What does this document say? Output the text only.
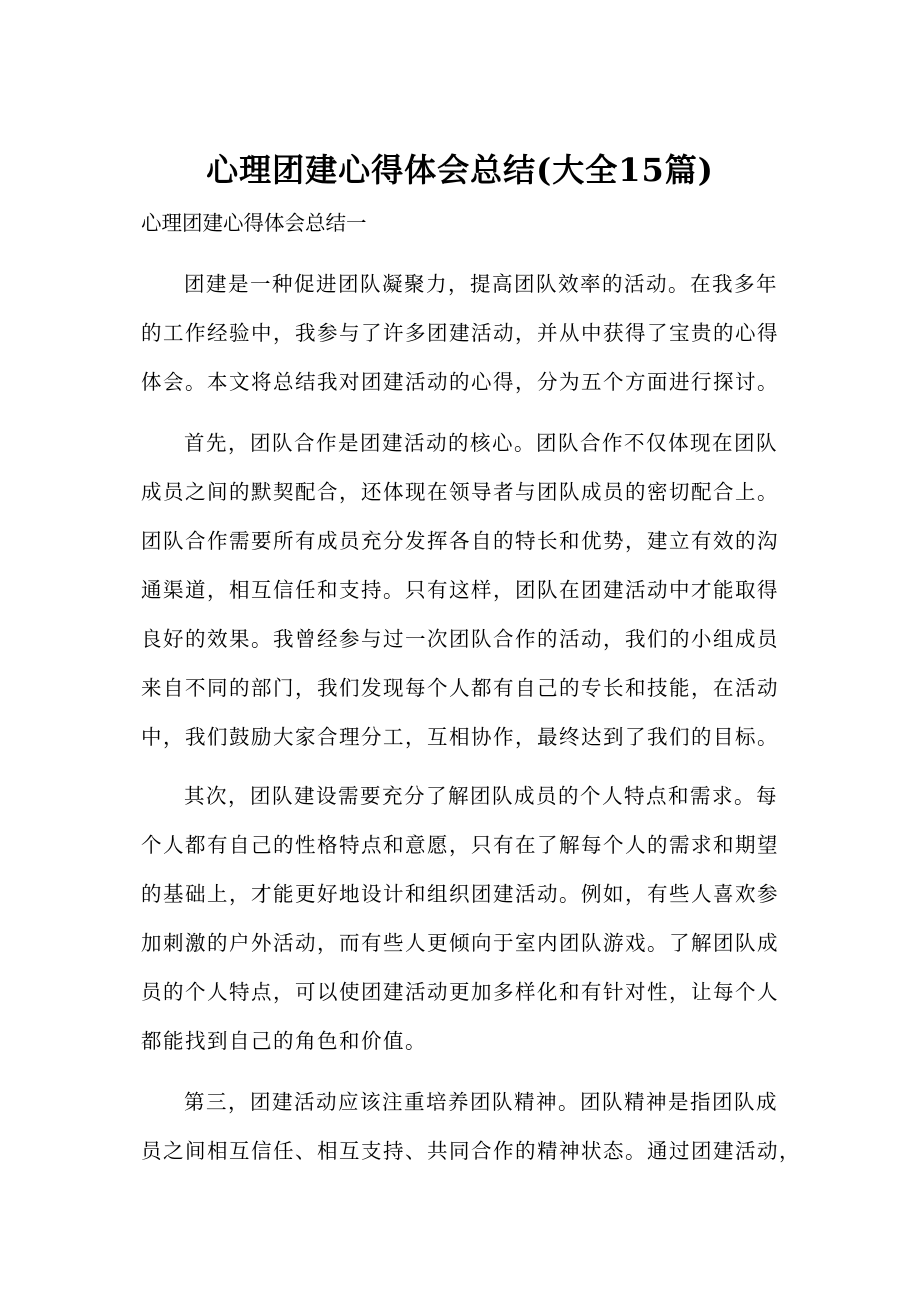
心理团建心得体会总结(大全15篇)
心理团建心得体会总结一
团建是一种促进团队凝聚力，提高团队效率的活动。在我多年
的工作经验中，我参与了许多团建活动，并从中获得了宝贵的心得
体会。本文将总结我对团建活动的心得，分为五个方面进行探讨。
首先，团队合作是团建活动的核心。团队合作不仅体现在团队
成员之间的默契配合，还体现在领导者与团队成员的密切配合上。
团队合作需要所有成员充分发挥各自的特长和优势，建立有效的沟
通渠道，相互信任和支持。只有这样，团队在团建活动中才能取得
良好的效果。我曾经参与过一次团队合作的活动，我们的小组成员
来自不同的部门，我们发现每个人都有自己的专长和技能，在活动
中，我们鼓励大家合理分工，互相协作，最终达到了我们的目标。
其次，团队建设需要充分了解团队成员的个人特点和需求。每
个人都有自己的性格特点和意愿，只有在了解每个人的需求和期望
的基础上，才能更好地设计和组织团建活动。例如，有些人喜欢参
加刺激的户外活动，而有些人更倾向于室内团队游戏。了解团队成
员的个人特点，可以使团建活动更加多样化和有针对性，让每个人
都能找到自己的角色和价值。
第三，团建活动应该注重培养团队精神。团队精神是指团队成
员之间相互信任、相互支持、共同合作的精神状态。通过团建活动，
